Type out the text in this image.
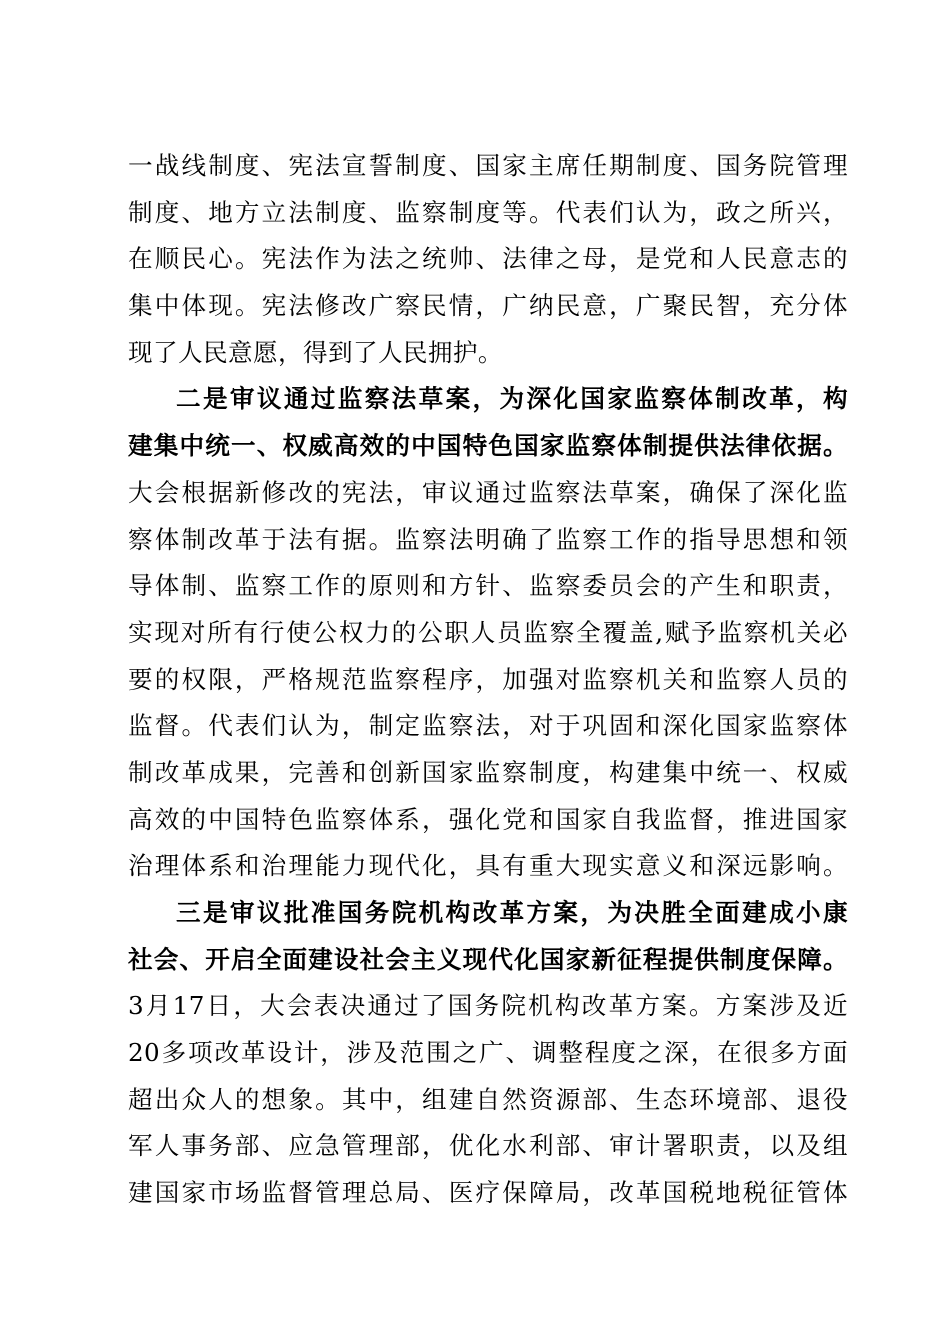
一战线制度、宪法宣誓制度、国家主席任期制度、国务院管理
制度、地方立法制度、监察制度等。代表们认为，政之所兴，
在顺民心。宪法作为法之统帅、法律之母，是党和人民意志的
集中体现。宪法修改广察民情，广纳民意，广聚民智，充分体
现了人民意愿，得到了人民拥护。
二是审议通过监察法草案，为深化国家监察体制改革，构
建集中统一、权威高效的中国特色国家监察体制提供法律依据。
大会根据新修改的宪法，审议通过监察法草案，确保了深化监
察体制改革于法有据。监察法明确了监察工作的指导思想和领
导体制、监察工作的原则和方针、监察委员会的产生和职责，
实现对所有行使公权力的公职人员监察全覆盖,赋予监察机关必
要的权限，严格规范监察程序，加强对监察机关和监察人员的
监督。代表们认为，制定监察法，对于巩固和深化国家监察体
制改革成果，完善和创新国家监察制度，构建集中统一、权威
高效的中国特色监察体系，强化党和国家自我监督，推进国家
治理体系和治理能力现代化，具有重大现实意义和深远影响。
三是审议批准国务院机构改革方案，为决胜全面建成小康
社会、开启全面建设社会主义现代化国家新征程提供制度保障。
3月17日，大会表决通过了国务院机构改革方案。方案涉及近
20多项改革设计，涉及范围之广、调整程度之深，在很多方面
超出众人的想象。其中，组建自然资源部、生态环境部、退役
军人事务部、应急管理部，优化水利部、审计署职责，以及组
建国家市场监督管理总局、医疗保障局，改革国税地税征管体
